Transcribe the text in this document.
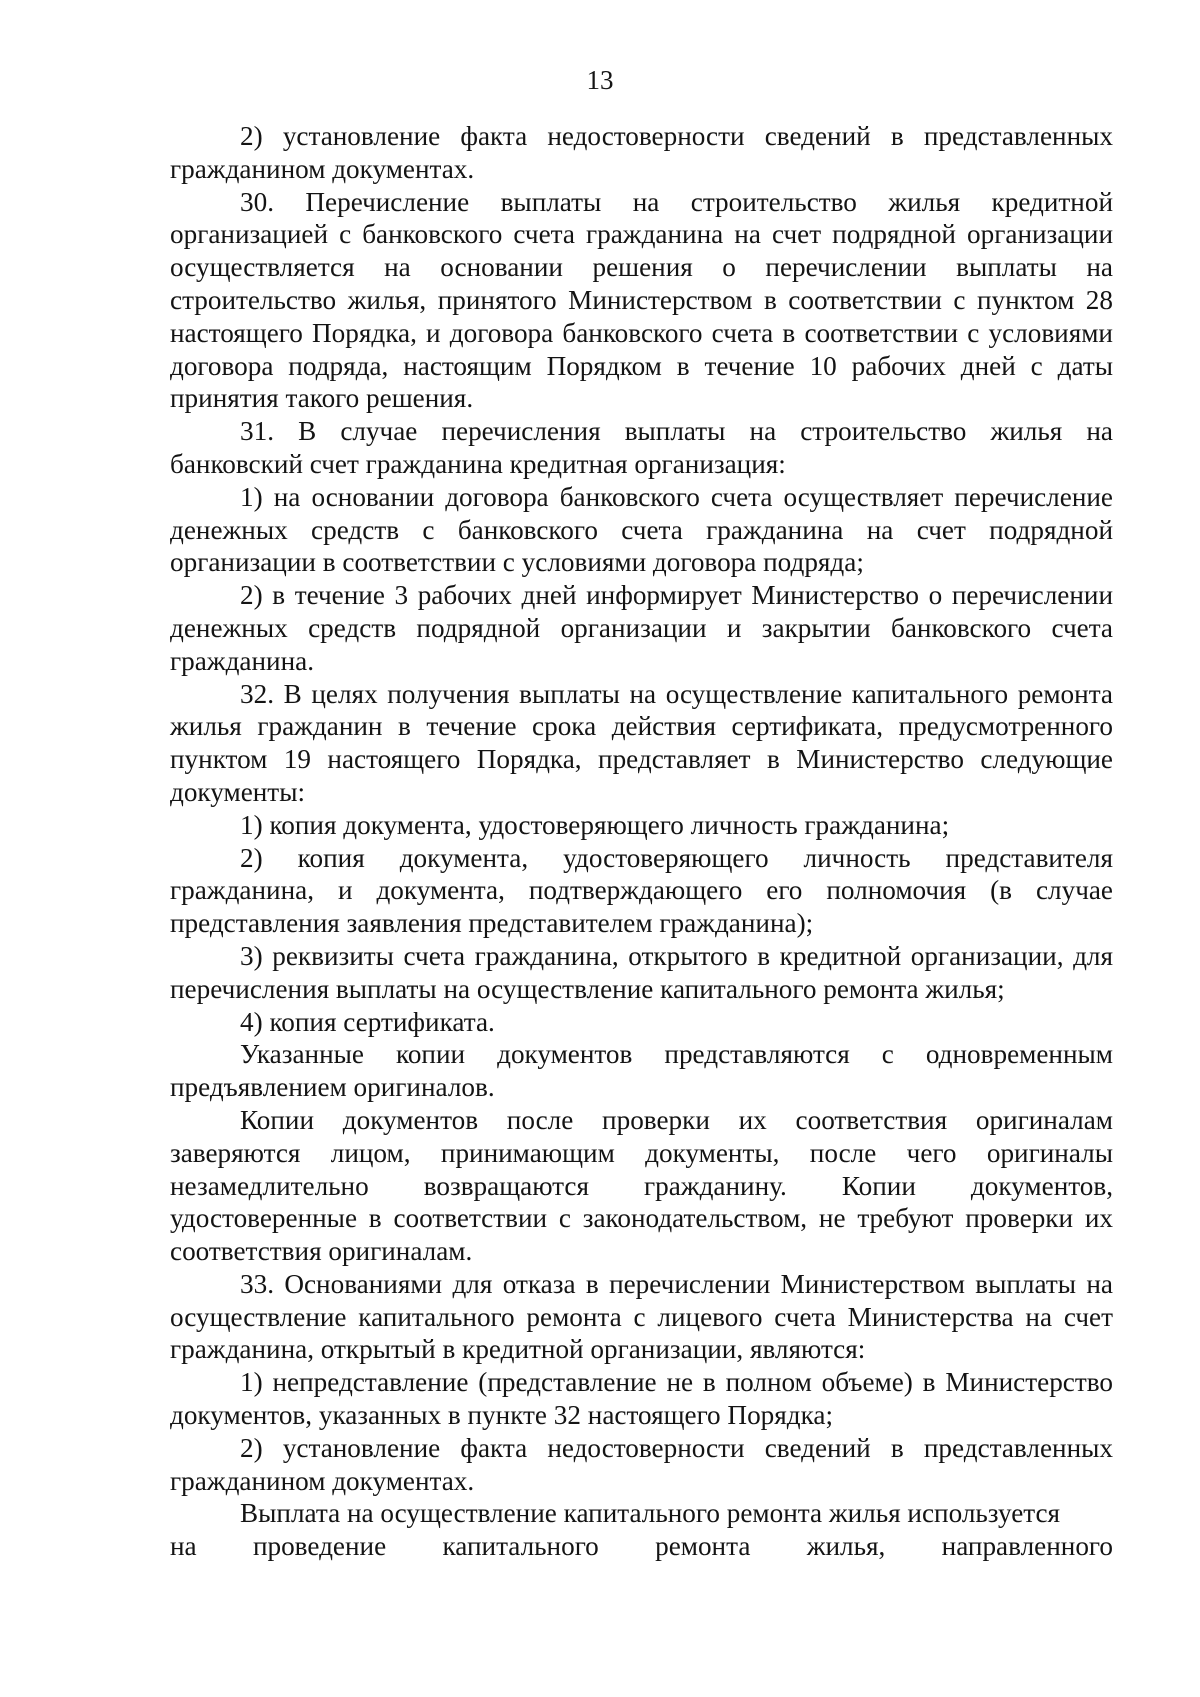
13

2) установление факта недостоверности сведений в представленных гражданином документах.

30. Перечисление выплаты на строительство жилья кредитной организацией с банковского счета гражданина на счет подрядной организации осуществляется на основании решения о перечислении выплаты на строительство жилья, принятого Министерством в соответствии с пунктом 28 настоящего Порядка, и договора банковского счета в соответствии с условиями договора подряда, настоящим Порядком в течение 10 рабочих дней с даты принятия такого решения.

31. В случае перечисления выплаты на строительство жилья на банковский счет гражданина кредитная организация:

1) на основании договора банковского счета осуществляет перечисление денежных средств с банковского счета гражданина на счет подрядной организации в соответствии с условиями договора подряда;

2) в течение 3 рабочих дней информирует Министерство о перечислении денежных средств подрядной организации и закрытии банковского счета гражданина.

32. В целях получения выплаты на осуществление капитального ремонта жилья гражданин в течение срока действия сертификата, предусмотренного пунктом 19 настоящего Порядка, представляет в Министерство следующие документы:

1) копия документа, удостоверяющего личность гражданина;

2) копия документа, удостоверяющего личность представителя гражданина, и документа, подтверждающего его полномочия (в случае представления заявления представителем гражданина);

3) реквизиты счета гражданина, открытого в кредитной организации, для перечисления выплаты на осуществление капитального ремонта жилья;

4) копия сертификата.

Указанные копии документов представляются с одновременным предъявлением оригиналов.

Копии документов после проверки их соответствия оригиналам заверяются лицом, принимающим документы, после чего оригиналы незамедлительно возвращаются гражданину. Копии документов, удостоверенные в соответствии с законодательством, не требуют проверки их соответствия оригиналам.

33. Основаниями для отказа в перечислении Министерством выплаты на осуществление капитального ремонта с лицевого счета Министерства на счет гражданина, открытый в кредитной организации, являются:

1) непредставление (представление не в полном объеме) в Министерство документов, указанных в пункте 32 настоящего Порядка;

2) установление факта недостоверности сведений в представленных гражданином документах.

Выплата на осуществление капитального ремонта жилья используется

на проведение капитального ремонта жилья, направленного
